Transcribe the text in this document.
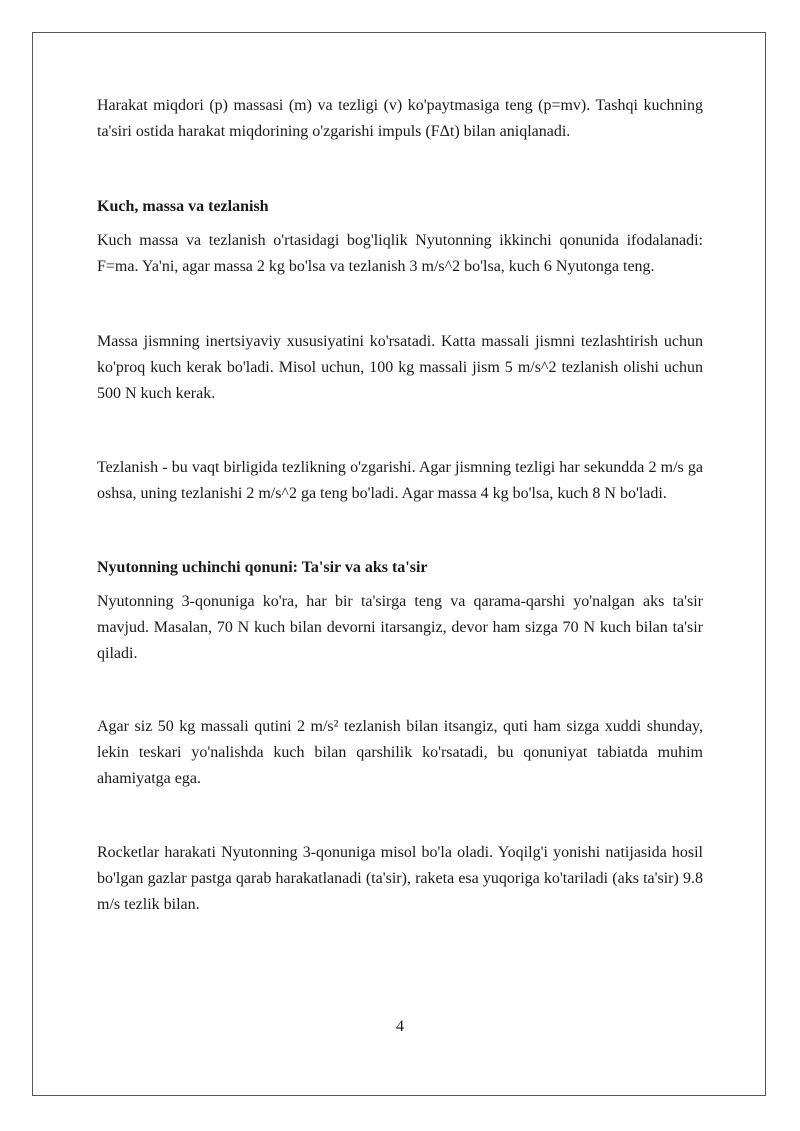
Harakat miqdori (p) massasi (m) va tezligi (v) ko'paytmasiga teng (p=mv). Tashqi kuchning ta'siri ostida harakat miqdorining o'zgarishi impuls (FΔt) bilan aniqlanadi.

Kuch, massa va tezlanish

Kuch massa va tezlanish o'rtasidagi bog'liqlik Nyutonning ikkinchi qonunida ifodalanadi: F=ma. Ya'ni, agar massa 2 kg bo'lsa va tezlanish 3 m/s^2 bo'lsa, kuch 6 Nyutonga teng.

Massa jismning inertsiyaviy xususiyatini ko'rsatadi. Katta massali jismni tezlashtirish uchun ko'proq kuch kerak bo'ladi. Misol uchun, 100 kg massali jism 5 m/s^2 tezlanish olishi uchun 500 N kuch kerak.

Tezlanish - bu vaqt birligida tezlikning o'zgarishi. Agar jismning tezligi har sekundda 2 m/s ga oshsa, uning tezlanishi 2 m/s^2 ga teng bo'ladi. Agar massa 4 kg bo'lsa, kuch 8 N bo'ladi.

Nyutonning uchinchi qonuni: Ta'sir va aks ta'sir

Nyutonning 3-qonuniga ko'ra, har bir ta'sirga teng va qarama-qarshi yo'nalgan aks ta'sir mavjud. Masalan, 70 N kuch bilan devorni itarsangiz, devor ham sizga 70 N kuch bilan ta'sir qiladi.

Agar siz 50 kg massali qutini 2 m/s² tezlanish bilan itsangiz, quti ham sizga xuddi shunday, lekin teskari yo'nalishda kuch bilan qarshilik ko'rsatadi, bu qonuniyat tabiatda muhim ahamiyatga ega.

Rocketlar harakati Nyutonning 3-qonuniga misol bo'la oladi. Yoqilg'i yonishi natijasida hosil bo'lgan gazlar pastga qarab harakatlanadi (ta'sir), raketa esa yuqoriga ko'tariladi (aks ta'sir) 9.8 m/s tezlik bilan.

4
